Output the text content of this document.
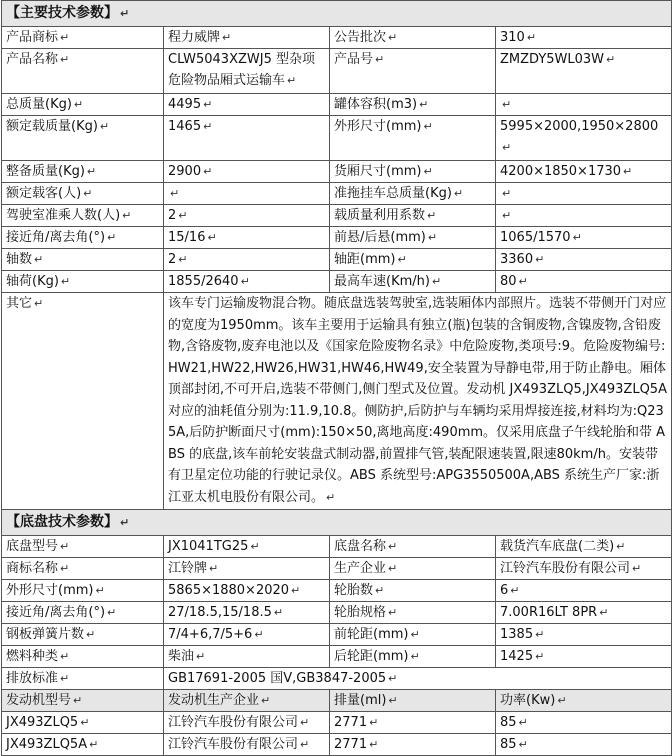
【主要技术参数】 ↵			
产品商标 ↵	程力威牌 ↵	公告批次 ↵	310 ↵
产品名称 ↵	CLW5043XZWJ5 型杂项危险物品厢式运输车 ↵	产品号 ↵	ZMZDY5WL03W ↵
总质量(Kg) ↵	4495 ↵	罐体容积(m3) ↵	↵
额定载质量(Kg) ↵	1465 ↵	外形尺寸(mm) ↵	5995×2000,1950×2800↵
整备质量(Kg) ↵	2900 ↵	货厢尺寸(mm) ↵	4200×1850×1730 ↵
额定载客(人) ↵	↵	准拖挂车总质量(Kg) ↵	↵
驾驶室准乘人数(人) ↵	2 ↵	载质量利用系数 ↵	↵
接近角/离去角(°) ↵	15/16 ↵	前悬/后悬(mm) ↵	1065/1570 ↵
轴数 ↵	2 ↵	轴距(mm) ↵	3360 ↵
轴荷(Kg) ↵	1855/2640 ↵	最高车速(Km/h) ↵	80 ↵
其它 ↵	该车专门运输废物混合物。随底盘选装驾驶室,选装厢体内部照片。选装不带侧开门对应的宽度为1950mm。该车主要用于运输具有独立(瓶)包装的含铜废物,含镍废物,含铅废物,含铬废物,废弃电池以及《国家危险废物名录》中危险废物,类项号:9。危险废物编号:HW21,HW22,HW26,HW31,HW46,HW49,安全装置为导静电带,用于防止静电。厢体顶部封闭,不可开启,选装不带侧门,侧门型式及位置。发动机 JX493ZLQ5,JX493ZLQ5A 对应的油耗值分别为:11.9,10.8。侧防护,后防护与车辆均采用焊接连接,材料均为:Q235A,后防护断面尺寸(mm):150×50,离地高度:490mm。仅采用底盘子午线轮胎和带 ABS 的底盘,该车前轮安装盘式制动器,前置排气管,装配限速装置,限速80km/h。安装带有卫星定位功能的行驶记录仪。ABS 系统型号:APG3550500A,ABS 系统生产厂家:浙江亚太机电股份有限公司。 ↵		
【底盘技术参数】 ↵			
底盘型号 ↵	JX1041TG25 ↵	底盘名称 ↵	载货汽车底盘(二类) ↵
商标名称 ↵	江铃牌 ↵	生产企业 ↵	江铃汽车股份有限公司 ↵
外形尺寸(mm) ↵	5865×1880×2020 ↵	轮胎数 ↵	6 ↵
接近角/离去角(°) ↵	27/18.5,15/18.5 ↵	轮胎规格 ↵	7.00R16LT 8PR ↵
钢板弹簧片数 ↵	7/4+6,7/5+6 ↵	前轮距(mm) ↵	1385 ↵
燃料种类 ↵	柴油 ↵	后轮距(mm) ↵	1425 ↵
排放标准 ↵	GB17691-2005 国V,GB3847-2005 ↵		
发动机型号 ↵	发动机生产企业 ↵	排量(ml) ↵	功率(Kw) ↵
JX493ZLQ5 ↵	江铃汽车股份有限公司 ↵	2771 ↵	85 ↵
JX493ZLQ5A ↵	江铃汽车股份有限公司 ↵	2771 ↵	85 ↵
